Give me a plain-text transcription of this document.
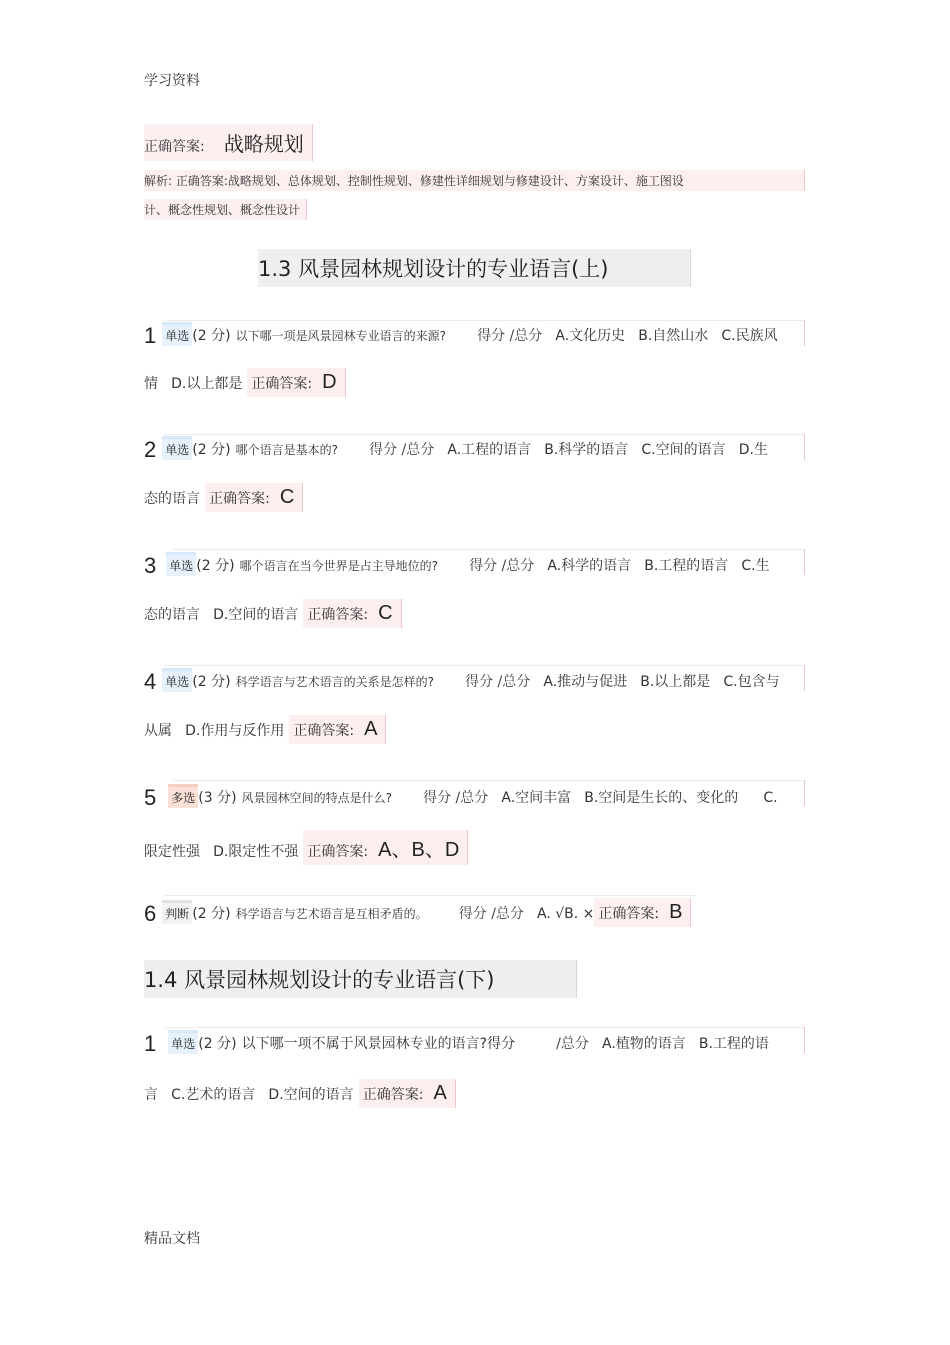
学习资料
正确答案: 战略规划
解析: 正确答案:战略规划、总体规划、控制性规划、修建性详细规划与修建设计、方案设计、施工图设
计、概念性规划、概念性设计
1.3 风景园林规划设计的专业语言(上)
1 单选 (2 分) 以下哪一项是风景园林专业语言的来源? 得分 /总分 A.文化历史 B.自然山水 C.民族风
情 D.以上都是 正确答案: D
2 单选 (2 分) 哪个语言是基本的? 得分 /总分 A.工程的语言 B.科学的语言 C.空间的语言 D.生
态的语言 正确答案: C
3 单选 (2 分) 哪个语言在当今世界是占主导地位的? 得分 /总分 A.科学的语言 B.工程的语言 C.生
态的语言 D.空间的语言 正确答案: C
4 单选 (2 分) 科学语言与艺术语言的关系是怎样的? 得分 /总分 A.推动与促进 B.以上都是 C.包含与
从属 D.作用与反作用 正确答案: A
5 多选 (3 分) 风景园林空间的特点是什么? 得分 /总分 A.空间丰富 B.空间是生长的、变化的 C.
限定性强 D.限定性不强 正确答案: A、B、D
6 判断 (2 分) 科学语言与艺术语言是互相矛盾的。 得分 /总分 A. √B. × 正确答案: B
1.4 风景园林规划设计的专业语言(下)
1 单选 (2 分) 以下哪一项不属于风景园林专业的语言?得分	/总分 A.植物的语言 B.工程的语
言 C.艺术的语言 D.空间的语言 正确答案: A
精品文档
